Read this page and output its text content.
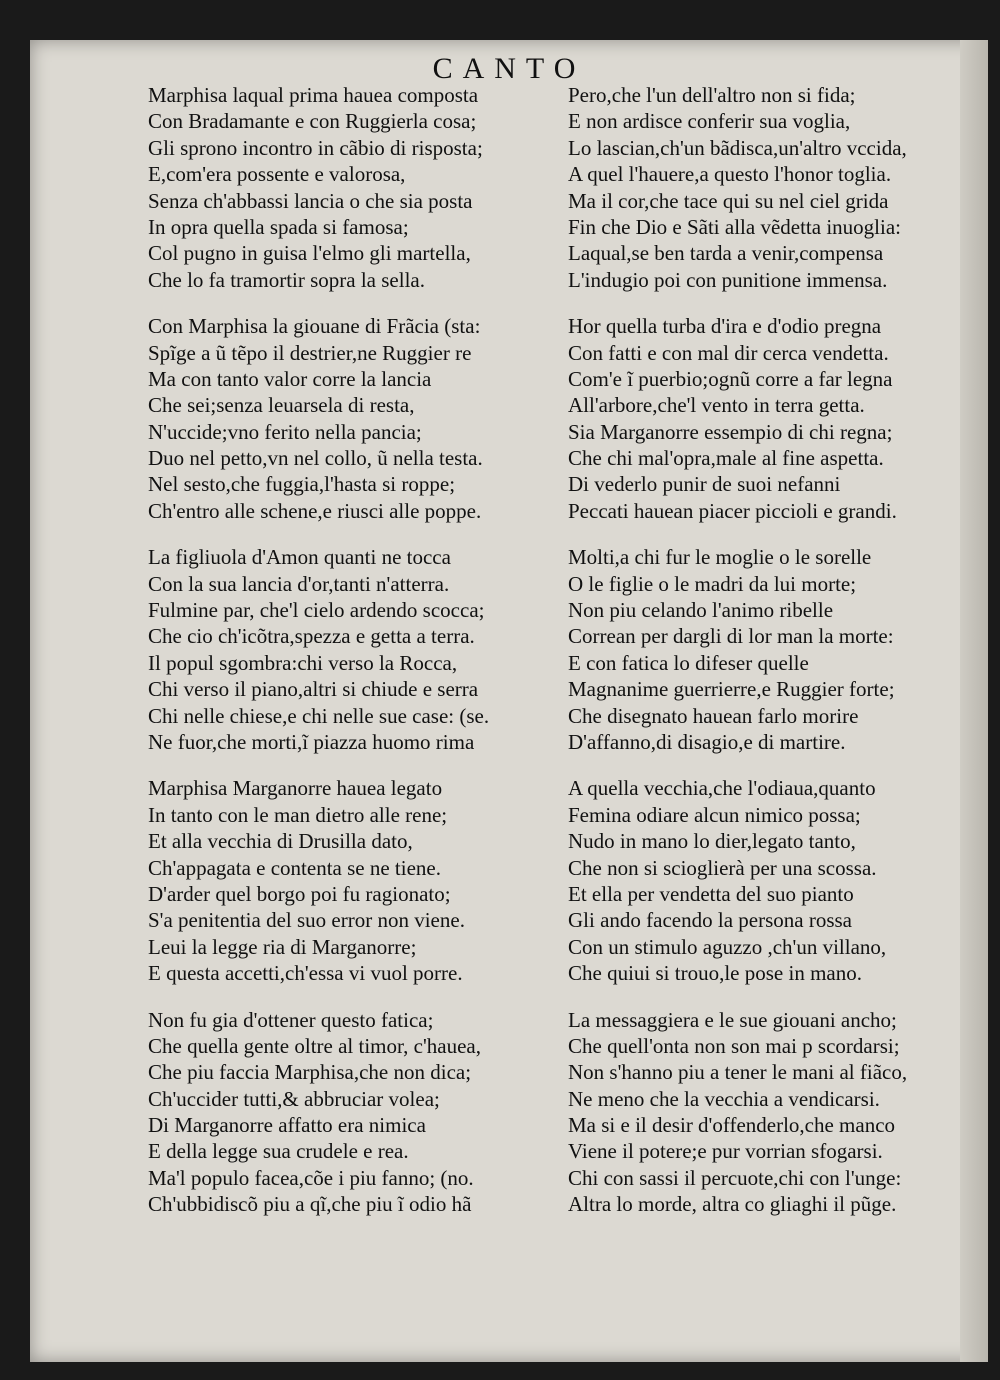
CANTO
Marphisa laqual prima hauea composta
Con Bradamante e con Ruggierla cosa;
Gli sprono incontro in cãbio di risposta;
E,com'era possente e valorosa,
Senza ch'abbassi lancia o che sia posta
In opra quella spada si famosa;
Col pugno in guisa l'elmo gli martella,
Che lo fa tramortir sopra la sella.
Con Marphisa la giouane di Frãcia (sta:
Spĩge a ũ tẽpo il destrier,ne Ruggier re
Ma con tanto valor corre la lancia
Che sei;senza leuarsela di resta,
N'uccide;vno ferito nella pancia;
Duo nel petto,vn nel collo, ũ nella testa.
Nel sesto,che fuggia,l'hasta si roppe;
Ch'entro alle schene,e riusci alle poppe.
La figliuola d'Amon quanti ne tocca
Con la sua lancia d'or,tanti n'atterra.
Fulmine par, che'l cielo ardendo scocca;
Che cio ch'icõtra,spezza e getta a terra.
Il popul sgombra:chi verso la Rocca,
Chi verso il piano,altri si chiude e serra
Chi nelle chiese,e chi nelle sue case: (se.
Ne fuor,che morti,ĩ piazza huomo rima
Marphisa Marganorre hauea legato
In tanto con le man dietro alle rene;
Et alla vecchia di Drusilla dato,
Ch'appagata e contenta se ne tiene.
D'arder quel borgo poi fu ragionato;
S'a penitentia del suo error non viene.
Leui la legge ria di Marganorre;
E questa accetti,ch'essa vi vuol porre.
Non fu gia d'ottener questo fatica;
Che quella gente oltre al timor, c'hauea,
Che piu faccia Marphisa,che non dica;
Ch'uccider tutti,& abbruciar volea;
Di Marganorre affatto era nimica
E della legge sua crudele e rea.
Ma'l populo facea,cõe i piu fanno; (no.
Ch'ubbidiscõ piu a qĩ,che piu ĩ odio hã
Pero,che l'un dell'altro non si fida;
E non ardisce conferir sua voglia,
Lo lascian,ch'un bãdisca,un'altro vccida,
A quel l'hauere,a questo l'honor toglia.
Ma il cor,che tace qui su nel ciel grida
Fin che Dio e Sãti alla vẽdetta inuoglia:
Laqual,se ben tarda a venir,compensa
L'indugio poi con punitione immensa.
Hor quella turba d'ira e d'odio pregna
Con fatti e con mal dir cerca vendetta.
Com'e ĩ puerbio;ognũ corre a far legna
All'arbore,che'l vento in terra getta.
Sia Marganorre essempio di chi regna;
Che chi mal'opra,male al fine aspetta.
Di vederlo punir de suoi nefanni
Peccati hauean piacer piccioli e grandi.
Molti,a chi fur le moglie o le sorelle
O le figlie o le madri da lui morte;
Non piu celando l'animo ribelle
Correan per dargli di lor man la morte:
E con fatica lo difeser quelle
Magnanime guerrierre,e Ruggier forte;
Che disegnato hauean farlo morire
D'affanno,di disagio,e di martire.
A quella vecchia,che l'odiaua,quanto
Femina odiare alcun nimico possa;
Nudo in mano lo dier,legato tanto,
Che non si scioglierà per una scossa.
Et ella per vendetta del suo pianto
Gli ando facendo la persona rossa
Con un stimulo aguzzo ,ch'un villano,
Che quiui si trouo,le pose in mano.
La messaggiera e le sue giouani ancho;
Che quell'onta non son mai p scordarsi;
Non s'hanno piu a tener le mani al fiãco,
Ne meno che la vecchia a vendicarsi.
Ma si e il desir d'offenderlo,che manco
Viene il potere;e pur vorrian sfogarsi.
Chi con sassi il percuote,chi con l'unge:
Altra lo morde, altra co gliaghi il pũge.
